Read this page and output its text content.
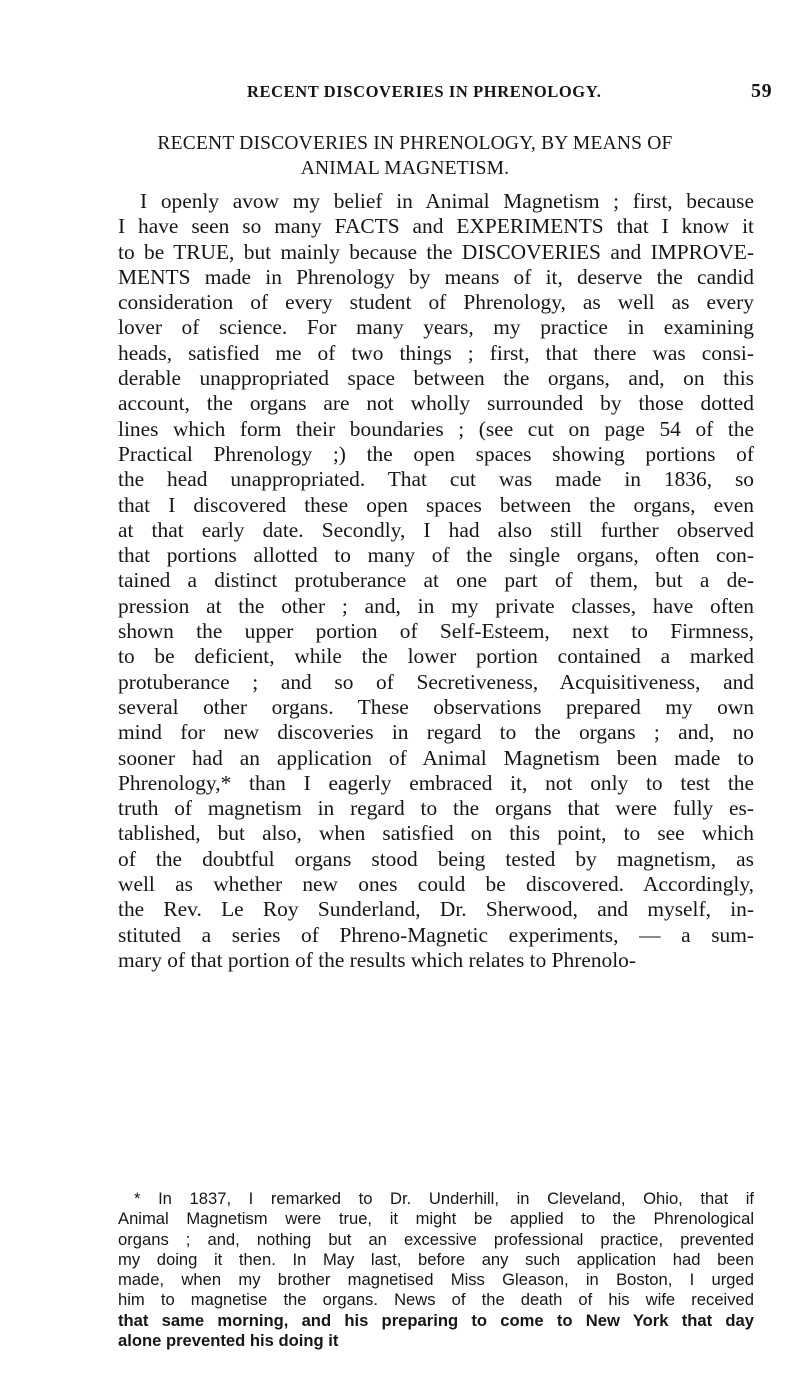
RECENT DISCOVERIES IN PHRENOLOGY.	59
RECENT DISCOVERIES IN PHRENOLOGY, BY MEANS OF
ANIMAL MAGNETISM.
I openly avow my belief in Animal Magnetism ; first, because
I have seen so many FACTS and EXPERIMENTS that I know it
to be TRUE, but mainly because the DISCOVERIES and IMPROVE-
MENTS made in Phrenology by means of it, deserve the candid
consideration of every student of Phrenology, as well as every
lover of science. For many years, my practice in examining
heads, satisfied me of two things ; first, that there was consi-
derable unappropriated space between the organs, and, on this
account, the organs are not wholly surrounded by those dotted
lines which form their boundaries ; (see cut on page 54 of the
Practical Phrenology ;) the open spaces showing portions of
the head unappropriated. That cut was made in 1836, so
that I discovered these open spaces between the organs, even
at that early date. Secondly, I had also still further observed
that portions allotted to many of the single organs, often con-
tained a distinct protuberance at one part of them, but a de-
pression at the other ; and, in my private classes, have often
shown the upper portion of Self-Esteem, next to Firmness,
to be deficient, while the lower portion contained a marked
protuberance ; and so of Secretiveness, Acquisitiveness, and
several other organs. These observations prepared my own
mind for new discoveries in regard to the organs ; and, no
sooner had an application of Animal Magnetism been made to
Phrenology,* than I eagerly embraced it, not only to test the
truth of magnetism in regard to the organs that were fully es-
tablished, but also, when satisfied on this point, to see which
of the doubtful organs stood being tested by magnetism, as
well as whether new ones could be discovered. Accordingly,
the Rev. Le Roy Sunderland, Dr. Sherwood, and myself, in-
stituted a series of Phreno-Magnetic experiments, — a sum-
mary of that portion of the results which relates to Phrenolo-
* In 1837, I remarked to Dr. Underhill, in Cleveland, Ohio, that if
Animal Magnetism were true, it might be applied to the Phrenological
organs ; and, nothing but an excessive professional practice, prevented
my doing it then. In May last, before any such application had been
made, when my brother magnetised Miss Gleason, in Boston, I urged
him to magnetise the organs. News of the death of his wife received
that same morning, and his preparing to come to New York that day
alone prevented his doing it
